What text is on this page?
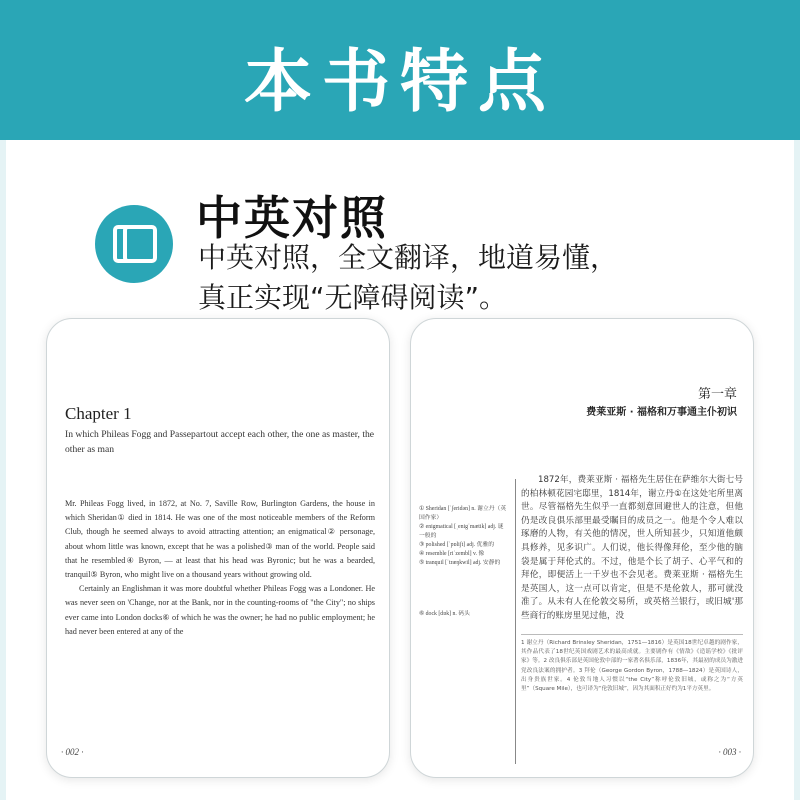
本书特点
中英对照
中英对照，全文翻译，地道易懂，
真正实现“无障碍阅读”。
Chapter 1
In which Phileas Fogg and Passepartout accept each other, the one as master, the other as man

Mr. Phileas Fogg lived, in 1872, at No. 7, Saville Row, Burlington Gardens, the house in which Sheridan① died in 1814. He was one of the most noticeable members of the Reform Club, though he seemed always to avoid attracting attention; an enigmatical② personage, about whom little was known, except that he was a polished③ man of the world. People said that he resembled④ Byron, — at least that his head was Byronic; but he was a bearded, tranquil⑤ Byron, who might live on a thousand years without growing old.

Certainly an Englishman it was more doubtful whether Phileas Fogg was a Londoner. He was never seen on 'Change, nor at the Bank, nor in the counting-rooms of "the City"; no ships ever came into London docks⑥ of which he was the owner; he had no public employment; he had never been entered at any of the

· 002 ·
第一章
费莱亚斯 · 福格和万事通主仆初识
① Sheridan [ˈʃeridən] n. 谢立丹（英国作家）
② enigmatical [ˌenigˈmætik] adj. 谜一般的
③ polished [ˈpɒliʃt] adj. 优雅的
④ resemble [riˈzembl] v. 像
⑤ tranquil [ˈtræŋkwil] adj. 安静的
⑥ dock [dɒk] n. 码头

1872年，费莱亚斯 · 福格先生居住在萨维尔大街七号的柏林顿花园宅邸里，1814年，谢立丹①在这处宅所里离世。尽管福格先生似乎一直都刻意回避世人的注意，但他仍是改良俱乐部里最受瞩目的成员之一。他是个令人难以琢磨的人物，有关他的情况，世人所知甚少，只知道他颇具修养，见多识广。人们说，他长得像拜伦，至少他的脑袋是属于拜伦式的。不过，他是个长了胡子、心平气和的拜伦，即便活上一千岁也不会见老。费莱亚斯 · 福格先生是英国人，这一点可以肯定，但是不是伦敦人，那可就没准了。从未有人在伦敦交易所，或英格兰银行，或旧城'那些商行的账房里见过他，没

1 谢立丹（Richard Brinsley Sheridan，1751—1816）是英国18世纪卓越的剧作家，其作品代表了18世纪英国戏剧艺术的最高成就。主要剧作有《情敌》《造谣学校》《批评家》等。2 改良俱乐部是英国伦敦中部的一家著名俱乐部，1836年，其最初的成员为激进党改良法案的拥护者。3 拜伦（George Gordon Byron，1788—1824）是英国诗人，出身贵族世家。4 伦敦当地人习惯以“the City”称呼伦敦旧城，或称之为“方英里”（Square Mile），也可译为“伦敦旧城”，因为其面积正好约为1平方英里。
· 003 ·
